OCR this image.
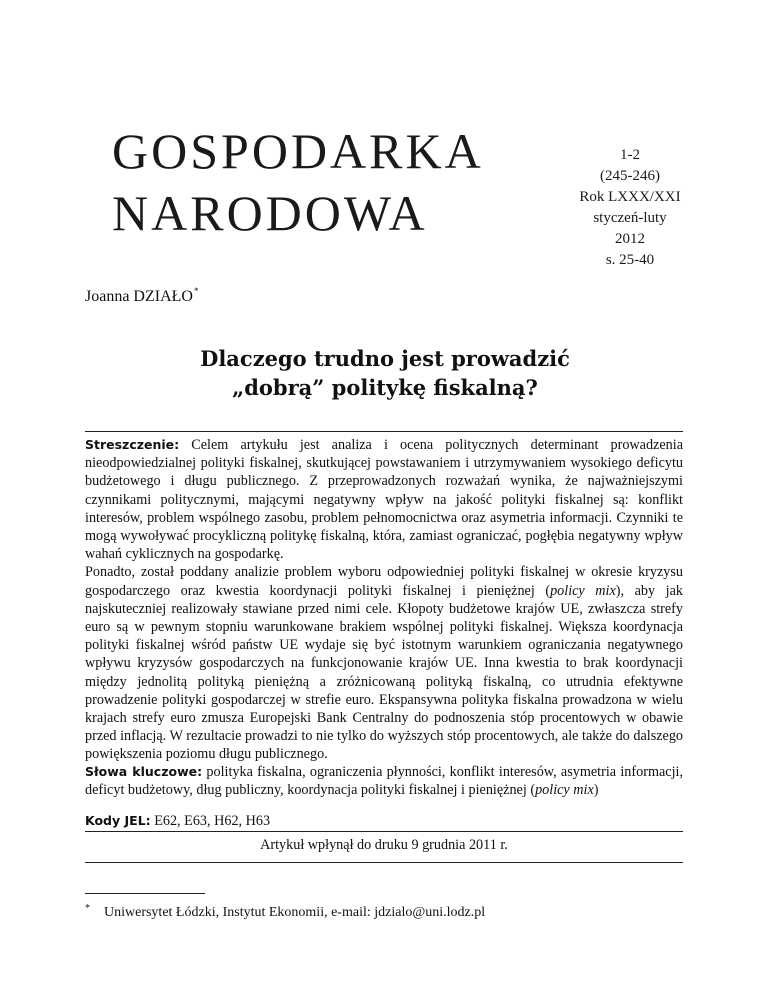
GOSPODARKA
NARODOWA
1-2
(245-246)
Rok LXXX/XXI
styczeń-luty
2012
s. 25-40
Joanna DZIAŁO*
Dlaczego trudno jest prowadzić
„dobrą” politykę fiskalną?

Streszczenie: Celem artykułu jest analiza i ocena politycznych determinant prowadzenia nieodpowiedzialnej polityki fiskalnej, skutkującej powstawaniem i utrzymywaniem wysokiego deficytu budżetowego i długu publicznego. Z przeprowadzonych rozważań wynika, że najważniejszymi czynnikami politycznymi, mającymi negatywny wpływ na jakość polityki fiskalnej są: konflikt interesów, problem wspólnego zasobu, problem pełnomocnictwa oraz asymetria informacji. Czynniki te mogą wywoływać procykliczną politykę fiskalną, która, zamiast ograniczać, pogłębia negatywny wpływ wahań cyklicznych na gospodarkę.

Ponadto, został poddany analizie problem wyboru odpowiedniej polityki fiskalnej w okresie kryzysu gospodarczego oraz kwestia koordynacji polityki fiskalnej i pieniężnej (policy mix), aby jak najskuteczniej realizowały stawiane przed nimi cele. Kłopoty budżetowe krajów UE, zwłaszcza strefy euro są w pewnym stopniu warunkowane brakiem wspólnej polityki fiskalnej. Większa koordynacja polityki fiskalnej wśród państw UE wydaje się być istotnym warunkiem ograniczania negatywnego wpływu kryzysów gospodarczych na funkcjonowanie krajów UE. Inna kwestia to brak koordynacji między jednolitą polityką pieniężną a zróżnicowaną polityką fiskalną, co utrudnia efektywne prowadzenie polityki gospodarczej w strefie euro. Ekspansywna polityka fiskalna prowadzona w wielu krajach strefy euro zmusza Europejski Bank Centralny do podnoszenia stóp procentowych w obawie przed inflacją. W rezultacie prowadzi to nie tylko do wyższych stóp procentowych, ale także do dalszego powiększenia poziomu długu publicznego.

Słowa kluczowe: polityka fiskalna, ograniczenia płynności, konflikt interesów, asymetria informacji, deficyt budżetowy, dług publiczny, koordynacja polityki fiskalnej i pieniężnej (policy mix)
Kody JEL: E62, E63, H62, H63
Artykuł wpłynął do druku 9 grudnia 2011 r.
* Uniwersytet Łódzki, Instytut Ekonomii, e-mail: jdzialo@uni.lodz.pl
